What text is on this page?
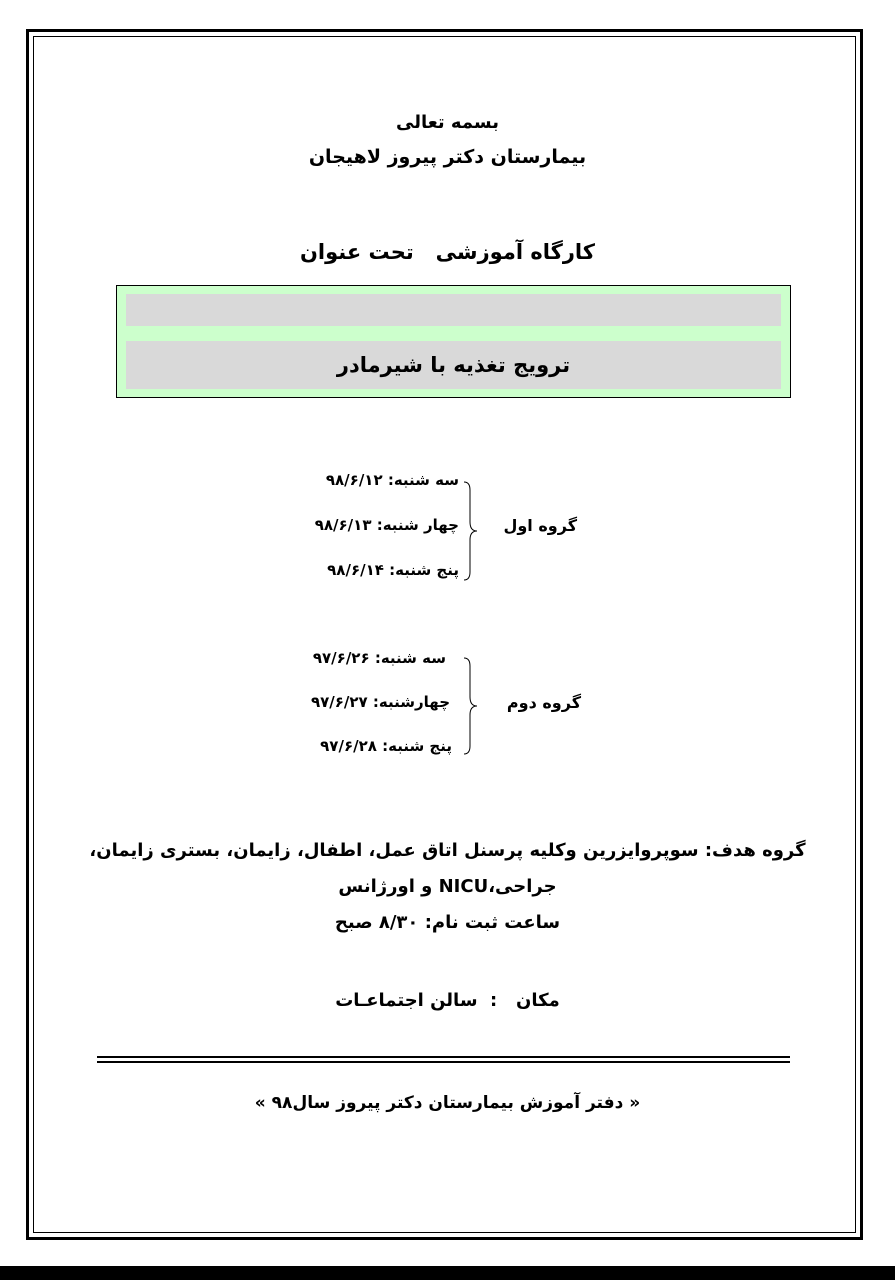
بسمه تعالی
بیمارستان دکتر پیروز لاهیجان
کارگاه آموزشی   تحت عنوان
ترویج تغذیه با شیرمادر
سه شنبه: ۹۸/۶/۱۲
چهار شنبه: ۹۸/۶/۱۳
پنج شنبه: ۹۸/۶/۱۴
گروه اول
سه شنبه: ۹۷/۶/۲۶
چهارشنبه: ۹۷/۶/۲۷
پنج شنبه: ۹۷/۶/۲۸
گروه دوم
گروه هدف: سوپروایزرین وکلیه پرسنل اتاق عمل، اطفال، زایمان، بستری زایمان،
جراحی،NICU و اورژانس
ساعت ثبت نام: ۸/۳۰ صبح
مکان   :  سالن اجتماعـات
« دفتر آموزش بیمارستان دکتر پیروز سال۹۸ »
